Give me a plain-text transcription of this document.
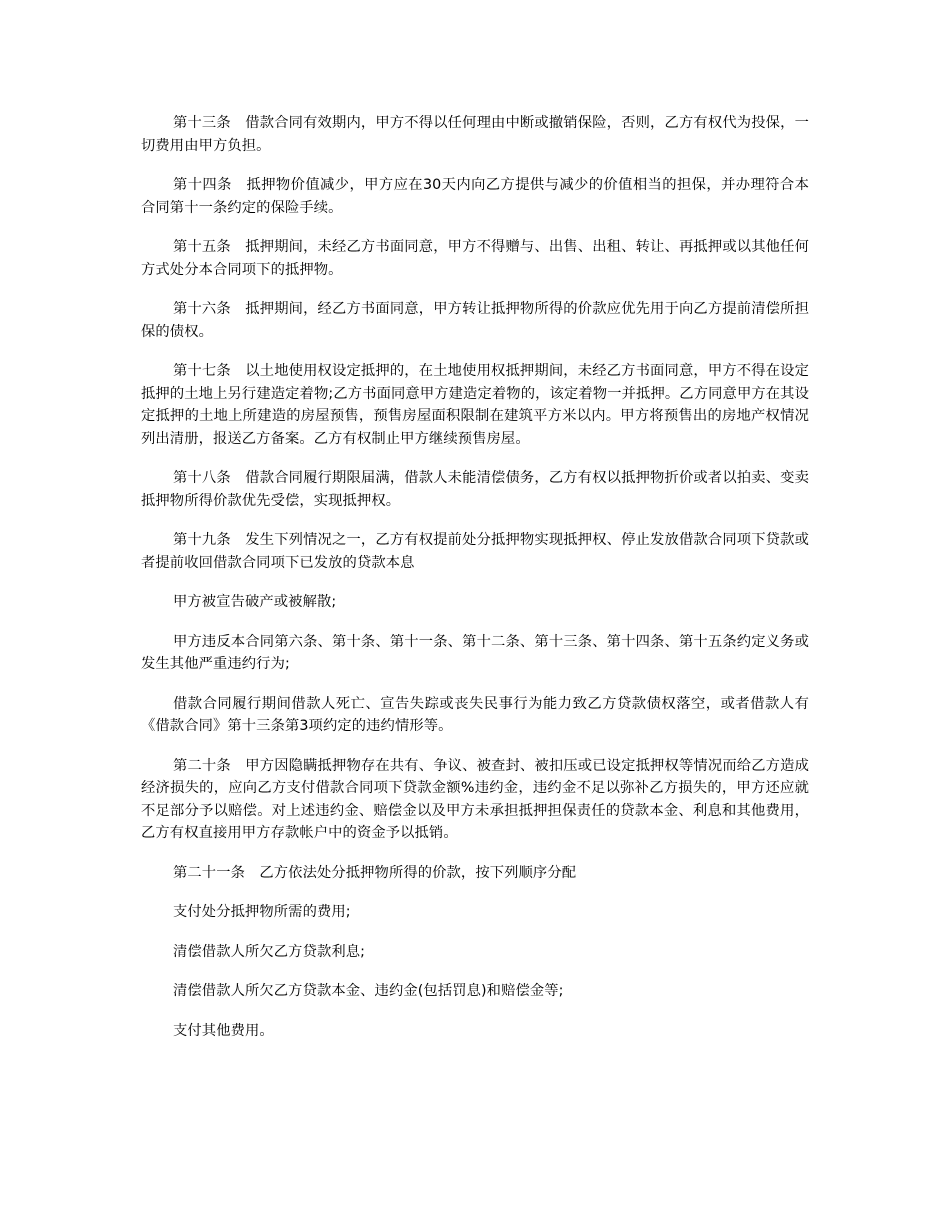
第十三条　借款合同有效期内，甲方不得以任何理由中断或撤销保险，否则，乙方有权代为投保，一切费用由甲方负担。

第十四条　抵押物价值减少，甲方应在30天内向乙方提供与减少的价值相当的担保，并办理符合本合同第十一条约定的保险手续。

第十五条　抵押期间，未经乙方书面同意，甲方不得赠与、出售、出租、转让、再抵押或以其他任何方式处分本合同项下的抵押物。

第十六条　抵押期间，经乙方书面同意，甲方转让抵押物所得的价款应优先用于向乙方提前清偿所担保的债权。

第十七条　以土地使用权设定抵押的，在土地使用权抵押期间，未经乙方书面同意，甲方不得在设定抵押的土地上另行建造定着物;乙方书面同意甲方建造定着物的，该定着物一并抵押。乙方同意甲方在其设定抵押的土地上所建造的房屋预售，预售房屋面积限制在建筑平方米以内。甲方将预售出的房地产权情况列出清册，报送乙方备案。乙方有权制止甲方继续预售房屋。

第十八条　借款合同履行期限届满，借款人未能清偿债务，乙方有权以抵押物折价或者以拍卖、变卖抵押物所得价款优先受偿，实现抵押权。

第十九条　发生下列情况之一，乙方有权提前处分抵押物实现抵押权、停止发放借款合同项下贷款或者提前收回借款合同项下已发放的贷款本息

甲方被宣告破产或被解散;

甲方违反本合同第六条、第十条、第十一条、第十二条、第十三条、第十四条、第十五条约定义务或发生其他严重违约行为;

借款合同履行期间借款人死亡、宣告失踪或丧失民事行为能力致乙方贷款债权落空，或者借款人有《借款合同》第十三条第3项约定的违约情形等。

第二十条　甲方因隐瞒抵押物存在共有、争议、被查封、被扣压或已设定抵押权等情况而给乙方造成经济损失的，应向乙方支付借款合同项下贷款金额%违约金，违约金不足以弥补乙方损失的，甲方还应就不足部分予以赔偿。对上述违约金、赔偿金以及甲方未承担抵押担保责任的贷款本金、利息和其他费用，乙方有权直接用甲方存款帐户中的资金予以抵销。

第二十一条　乙方依法处分抵押物所得的价款，按下列顺序分配

支付处分抵押物所需的费用;

清偿借款人所欠乙方贷款利息;

清偿借款人所欠乙方贷款本金、违约金(包括罚息)和赔偿金等;

支付其他费用。
